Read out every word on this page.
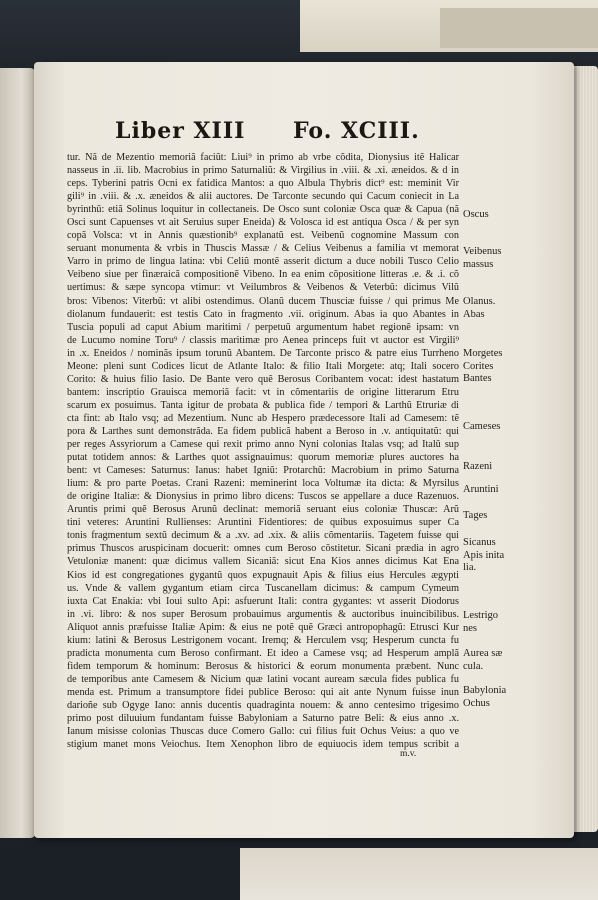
Liber XIII Fo. XCIII.
tur. Nã de Mezentio memoriã faciũt: Liui⁹ in primo ab vrbe cõdita, Dionysius itẽ Halicar
nasseus in .ii. lib. Macrobius in primo Saturnaliũ: & Virgilius in .viii. & .xi. æneidos. & d in
ceps. Tyberini patris Ocni ex fatidica Mantos: a quo Albula Thybris dict⁹ est: meminit Vir
gili⁹ in .viii. & .x. æneidos & alii auctores. De Tarconte secundo qui Cacum coniecit in La
byrinthũ: etiã Solinus loquitur in collectaneis. De Osco sunt coloniæ Osca quæ & Capua (nã
Osci sunt Capuenses vt ait Seruius super Eneida) & Volosca id est antiqua Osca / & per syn
copã Volsca: vt in Annis quæstionib⁹ explanatũ est. Veibenũ cognomine Massum con
seruant monumenta & vrbis in Thuscis Massæ / & Celius Veibenus a familia vt memorat
Varro in primo de lingua latina: vbi Celiũ montẽ asserit dictum a duce nobili Tusco Celio
Veibeno siue per finæraicã compositionẽ Vibeno. In ea enim cõpositione litteras .e. & .i. cõ
uertimus: & sæpe syncopa vtimur: vt Veilumbros & Veibenos & Veterbũ: dicimus Vilũ
bros: Vibenos: Viterbũ: vt alibi ostendimus. Olanũ ducem Thusciæ fuisse / qui primus Me
diolanum fundauerit: est testis Cato in fragmento .vii. originum. Abas ia quo Abantes in
Tuscia populi ad caput Abium maritimi / perpetuũ argumentum habet regionẽ ipsam: vn
de Lucumo nomine Toru⁹ / classis maritimæ pro Aenea princeps fuit vt auctor est Virgili⁹
in .x. Eneidos / nominãs ipsum torunũ Abantem. De Tarconte prisco & patre eius Turrheno
Meone: pleni sunt Codices licut de Atlante Italo: & filio Itali Morgete: atq; Itali socero
Corito: & huius filio Iasio. De Bante vero quẽ Berosus Coribantem vocat: idest hastatum
bantem: inscriptio Grauisca memoriã facit: vt in cõmentariis de origine litterarum Etru
scarum ex posuimus. Tanta igitur de probata & publica fide / tempori & Larthũ Etruriæ di
cta fint: ab Italo vsq; ad Mezentium. Nunc ab Hespero prædecessore Itali ad Camesem: tẽ
pora & Larthes sunt demonstrãda. Ea fidem publicã habent a Beroso in .v. antiquitatũ: qui
per reges Assyriorum a Camese qui rexit primo anno Nyni colonias Italas vsq; ad Italũ sup
putat totidem annos: & Larthes quot assignauimus: quorum memoriæ plures auctores ha
bent: vt Cameses: Saturnus: Ianus: habet Igniũ: Protarchũ: Macrobium in primo Saturna
lium: & pro parte Poetas. Crani Razeni: meminerint loca Voltumæ ita dicta: & Myrsilus
de origine Italiæ: & Dionysius in primo libro dicens: Tuscos se appellare a duce Razenuos.
Aruntis primi quẽ Berosus Arunũ declinat: memoriã seruant eius coloniæ Thuscæ: Arũ
tini veteres: Aruntini Rullienses: Aruntini Fidentiores: de quibus exposuimus super Ca
tonis fragmentum sextũ decimum & a .xv. ad .xix. & aliis cõmentariis. Tagetem fuisse qui
primus Thuscos aruspicinam docuerit: omnes cum Beroso cõstitetur. Sicani prædia in agro
Vetuloniæ manent: quæ dicimus vallem Sicaniã: sicut Ena Kios annes dicimus Kat Ena
Kios id est congregationes gygantũ quos expugnauit Apis & filius eius Hercules ægypti
us. Vnde & vallem gygantum etiam circa Tuscanellam dicimus: & campum Cymeum
iuxta Cat Enakia: vbi Ioui sulto Api: asfuerunt Itali: contra gygantes: vt asserit Diodorus
in .vi. libro: & nos super Berosum probauimus argumentis & auctoribus inuincibilibus.
Aliquot annis præfuisse Italiæ Apim: & eius ne potẽ quẽ Græci antropophagũ: Etrusci Kur
kium: latini & Berosus Lestrigonem vocant. Iremq; & Herculem vsq; Hesperum cuncta fu
pradicta monumenta cum Beroso confirmant. Et ideo a Camese vsq; ad Hesperum amplã
fidem temporum & hominum: Berosus & historici & eorum monumenta præbent. Nunc
de temporibus ante Camesem & Nicium quæ latini vocant auream sæcula fides publica fu
menda est. Primum a transumptore fidei publice Beroso: qui ait ante Nynum fuisse inun
darioñe sub Ogyge Iano: annis ducentis quadraginta nouem: & anno centesimo trigesimo
primo post diluuium fundantam fuisse Babyloniam a Saturno patre Beli: & eius anno .x.
Ianum misisse colonias Thuscas duce Comero Gallo: cui filius fuit Ochus Veius: a quo ve
stigium manet mons Veiochus. Item Xenophon libro de equiuocis idem tempus scribit a
m.v.
Oscus
Veibenus
massus
Olanus.
Abas
Morgetes
Corites
Bantes
Cameses
Razeni
Aruntini
Tages
Sicanus
Apis inita
lia.
Lestrigo
nes
Aurea sæ
cula.
Babylonia
Ochus
